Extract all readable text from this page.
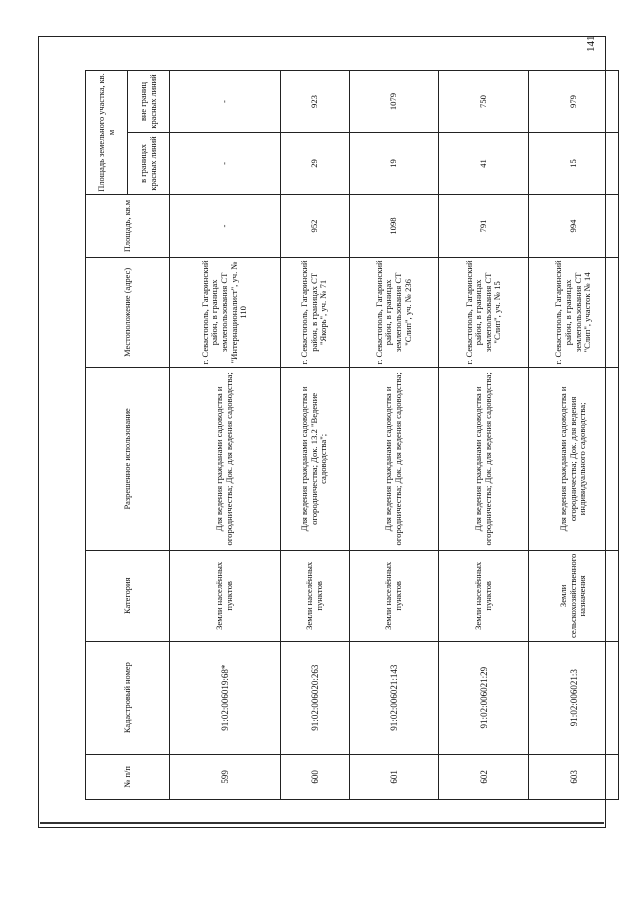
141
№ п/п	Кадастровый номер	Категория	Разрешенное использование	Местоположение (адрес)	Площадь, кв.м	Площадь земельного участка, кв. м	
						в границах красных линий	вне границ красных линий
599	91:02:006019:68*	Земли населённых пунктов	Для ведения гражданами садоводства и огородничества; Док. для ведения садоводства;	г. Севастополь, Гагаринский район, в границах землепользования СТ "Интернационалист", уч. № 110	-	-	-
600	91:02:006020:263	Земли населённых пунктов	Для ведения гражданами садоводства и огородничества; Док. 13.2 "Ведение садоводства";	г. Севастополь, Гагаринский район, в границах СТ "Якорь", уч. № 71	952	29	923
601	91:02:006021:143	Земли населённых пунктов	Для ведения гражданами садоводства и огородничества; Док. для ведения садоводства;	г. Севастополь, Гагаринский район, в границах землепользования СТ "Слип", уч. № 236	1098	19	1079
602	91:02:006021:29	Земли населённых пунктов	Для ведения гражданами садоводства и огородничества; Док. для ведения садоводства;	г. Севастополь, Гагаринский район, в границах землепользования СТ "Слип", уч. № 15	791	41	750
603	91:02:006021:3	Земли сельскохозяйственного назначения	Для ведения гражданами садоводства и огородничества; Док. для ведения индивидуального садоводства;	г. Севастополь, Гагаринский район, в границах землепользования СТ "Слип", участок № 14	994	15	979
